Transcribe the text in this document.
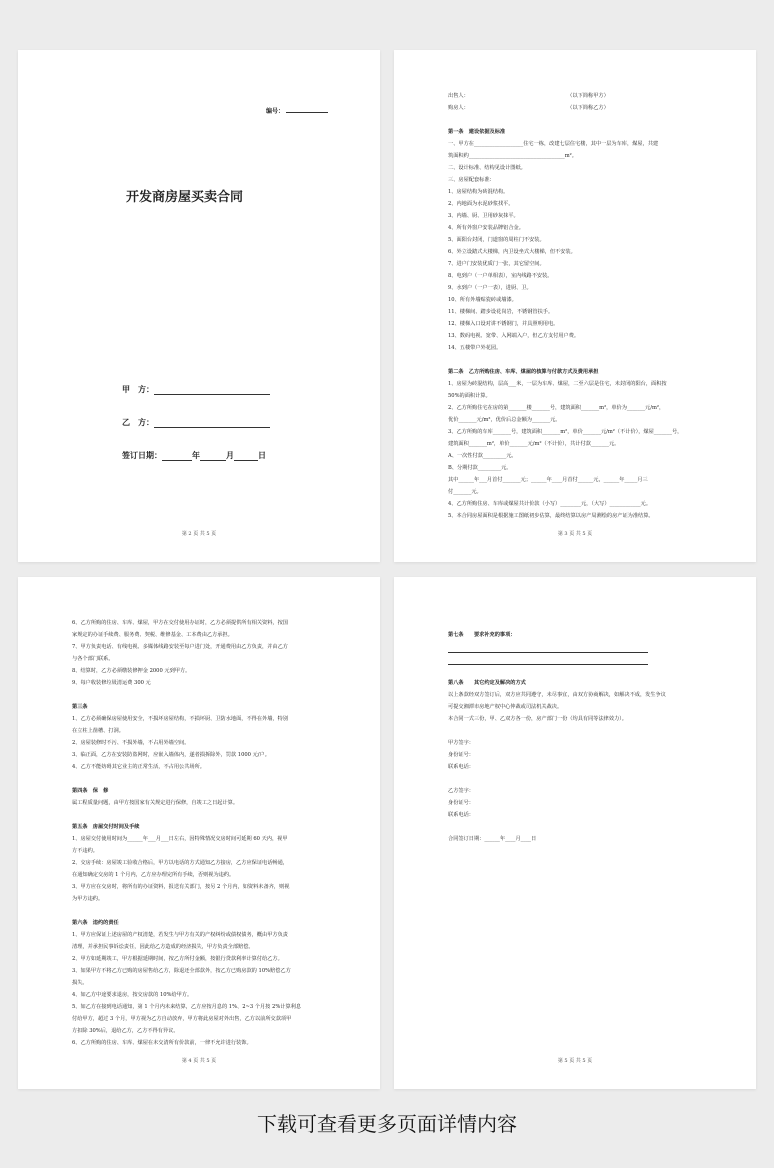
编号：
开发商房屋买卖合同
甲　方：
乙　方：
签订日期：	年	月	日
第 2 页 共 5 页
出售人：　　　　　　　　　　　　　　　　　　　　（以下简称甲方）
购房人：　　　　　　　　　　　　　　　　　　　　（以下简称乙方）
第一条　建设依据及标准
一、甲方在___________________住宅一栋，改建七层住宅楼，其中一层为车库，煤屋，共建
筑面积约_____________________________________m²。
二、设计标准、结构见设计图纸。
三、房屋配套标准：
1、房屋结构为砖混结构。
2、内地面为水泥砂浆找平。
3、内墙、厨、卫用砂灰抹平。
4、所有外窗户安装品牌铝合金。
5、面阳台封闭，门道窗的周柱门不安装。
6、外立设踏式大楼梯，内卫设坐式大楼梯，但不安装。
7、进户门安装优质门一张，其它留空间。
8、电到户（一户单相表），室内线路不安装。
9、水到户（一户一表），进厨、卫。
10、所有外墙贴瓷砖或墙漆。
11、楼梯间、踏步设花岗岩，不锈钢管扶手。
12、楼梯入口设对讲不锈钢门，并具照明用电。
13、数码电视、宽带、入网端入户，但乙方支付用户费。
14、五楼带户外花园。
第二条　乙方所购住房、车库、煤屋的核算与付款方式及费用承担
1、房屋为砖混结构，层高___米，一层为车库、煤屋，二至六层是住宅，未封闭的阳台，面积按
50%的面积计算。
2、乙方所购住宅在房的第_______楼_______号，建筑面积_______m²，单价为_______元/m²，
优价_______元/m²，优价后总金额为_______元。
3、乙方所购的车库_______号，建筑面积_______m²，单价_______元/m²（不计价），煤屋_______号，
建筑面积_______m²，单价_______元/m²（不计价），共计付款_______元。
A、一次性付款_________元。
B、分期付款_________元。
其中______年___月首付_______元；______年____月首付______元，______年_____月三
付_______元。
4、乙方所购住房、车库或煤屋共计价款（小写）________元，（大写）____________元。
5、本合同房屋面积是根据施工图纸初步估算，最终结算以房产局测绘的房产证为准结算。
第 3 页 共 5 页
6、乙方所购的住房、车库、煤屋，甲方在交付使用办证时，乙方必须提供所有相关资料，按国
家规定的办证手续费、服务费、契税、维修基金、工本费由乙方承担。
7、甲方负责电话、有线电视、多媒体线路安装至每户进门处，开通费用由乙方负责，并由乙方
与各个部门联系。
8、结算时，乙方必须缴装修押金 2000 元到甲方。
9、每户收装修垃圾清运费 300 元
第三条
1、乙方必须确保房屋使用安全，不损坏房屋结构，不损坏厨、卫防水地面，不得在外墙，特别
在立柱上凿槽、打洞。
2、房屋装修时不污、不损外墙，不占用外墙空间。
3、临正面，乙方在安装防盗网时，应嵌入墙体内，遂者损拆除外，罚款 1000 元/户。
4、乙方不能妨碍其它业主的正常生活，不占用公共场所。
第四条　保　修
属工程质量问题，由甲方按国家有关规定进行保修，自竣工之日起计算。
第五条　房屋交付时间及手续
1、房屋交付使用时间为______年___月___日左右，因特殊情况交房时间可延期 60 天内，视甲
方不违约。
2、交房手续：房屋竣工验收合格后，甲方以电话的方式通知乙方接房，乙方应保证电话畅通，
在通知确定交房的 1 个月内，乙方应办理完所有手续，否则视为违约。
3、甲方应在交房时，将所有的办证资料，报送有关部门，按另 2 个月内，如资料未备齐，则视
为甲方违约。
第六条　违约的责任
1、甲方应保证上述房屋的产权清楚，若发生与甲方有关的产权纠纷或债权债务，概由甲方负责
清理，并承担民事诉讼责任，因此给乙方造成的经济损失，甲方负责全部赔偿。
2、甲方如延期竣工，甲方根据延期时间，按乙方所付金额，按银行贷款利率计算付给乙方。
3、如果甲方不将乙方已购的房屋售给乙方，除退还全部款外，按乙方已购房款的 10%赔偿乙方
损失。
4、如乙方中途要求退房，按交房款的 10%给甲方。
5、如乙方在接到电话通知，第 1 个月内未来结算，乙方应按月息的 1%、2~3 个月按 2%计算利息
付给甲方，超过 3 个月，甲方视为乙方自动放弃，甲方将此房屋对外出售，乙方以前所交款项甲
方扣除 30%后，退给乙方，乙方不得有异议。
6、乙方所购的住房、车库、煤屋在未交清所有价款前，一律不允许进行装饰。
第 4 页 共 5 页
第七条　　要求补充的事项：
第八条　　其它约定及解决的方式
以上条款经双方签订后，双方应共同遵守，未尽事宜，由双方协商解决，如解决不成，发生争议
可提交湘潭市房地产权中心仲裁或司法机关裁决。
本合同一式三份，甲、乙双方各一份，房产部门一份（均具有同等法律效力）。
甲方签字：
身份证号：
联系电话：
乙方签字：
身份证号：
联系电话：
合同签订日期：______年____月____日
第 5 页 共 5 页
下载可查看更多页面详情内容
